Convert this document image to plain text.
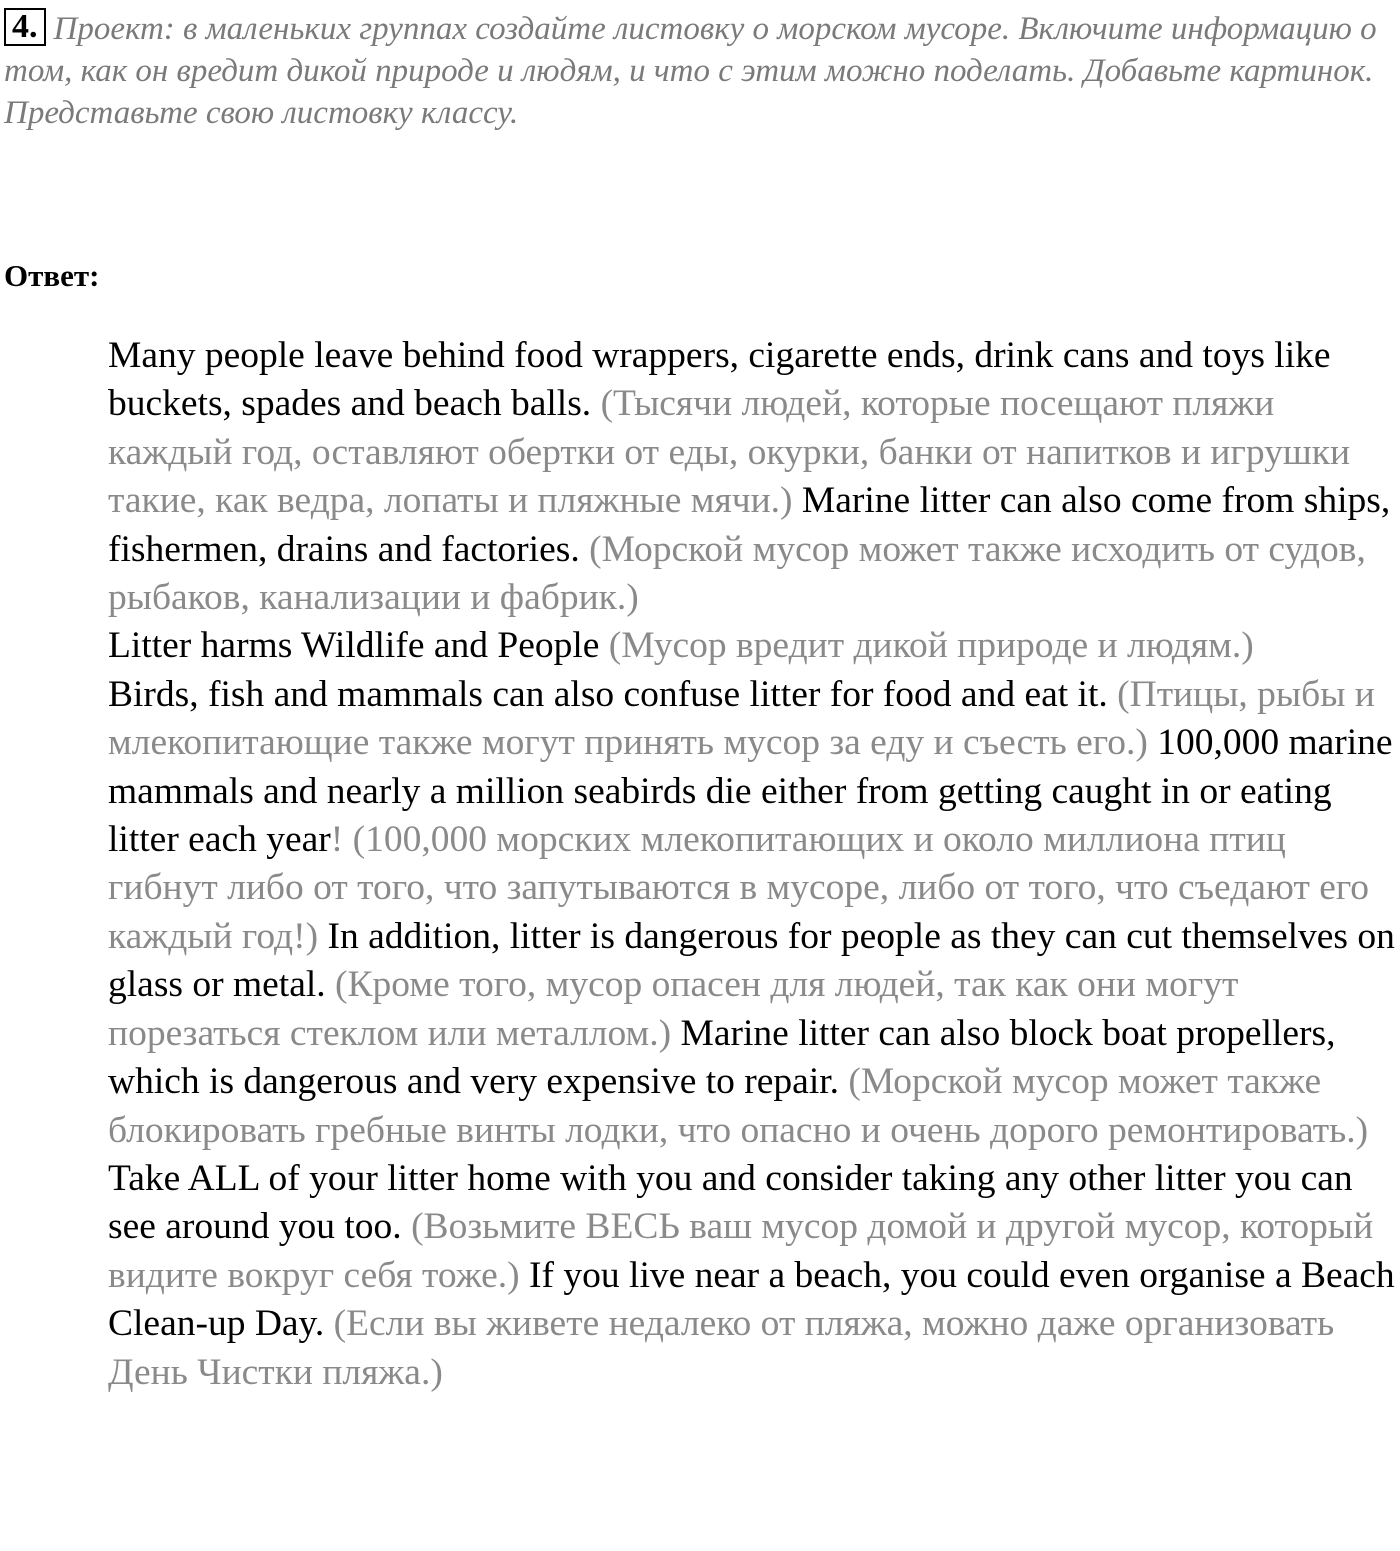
4. Проект: в маленьких группах создайте листовку о морском мусоре. Включите информацию о том, как он вредит дикой природе и людям, и что с этим можно поделать. Добавьте картинок. Представьте свою листовку классу.
Ответ:

Many people leave behind food wrappers, cigarette ends, drink cans and toys like buckets, spades and beach balls. (Тысячи людей, которые посещают пляжи каждый год, оставляют обертки от еды, окурки, банки от напитков и игрушки такие, как ведра, лопаты и пляжные мячи.) Marine litter can also come from ships, fishermen, drains and factories. (Морской мусор может также исходить от судов, рыбаков, канализации и фабрик.)

Litter harms Wildlife and People (Мусор вредит дикой природе и людям.)

Birds, fish and mammals can also confuse litter for food and eat it. (Птицы, рыбы и млекопитающие также могут принять мусор за еду и съесть его.) 100,000 marine mammals and nearly a million seabirds die either from getting caught in or eating litter each year! (100,000 морских млекопитающих и около миллиона птиц гибнут либо от того, что запутываются в мусоре, либо от того, что съедают его каждый год!) In addition, litter is dangerous for people as they can cut themselves on glass or metal. (Кроме того, мусор опасен для людей, так как они могут порезаться стеклом или металлом.) Marine litter can also block boat propellers, which is dangerous and very expensive to repair. (Морской мусор может также блокировать гребные винты лодки, что опасно и очень дорого ремонтировать.)

Take ALL of your litter home with you and consider taking any other litter you can see around you too. (Возьмите ВЕСЬ ваш мусор домой и другой мусор, который видите вокруг себя тоже.) If you live near a beach, you could even organise a Beach Clean-up Day. (Если вы живете недалеко от пляжа, можно даже организовать День Чистки пляжа.)
